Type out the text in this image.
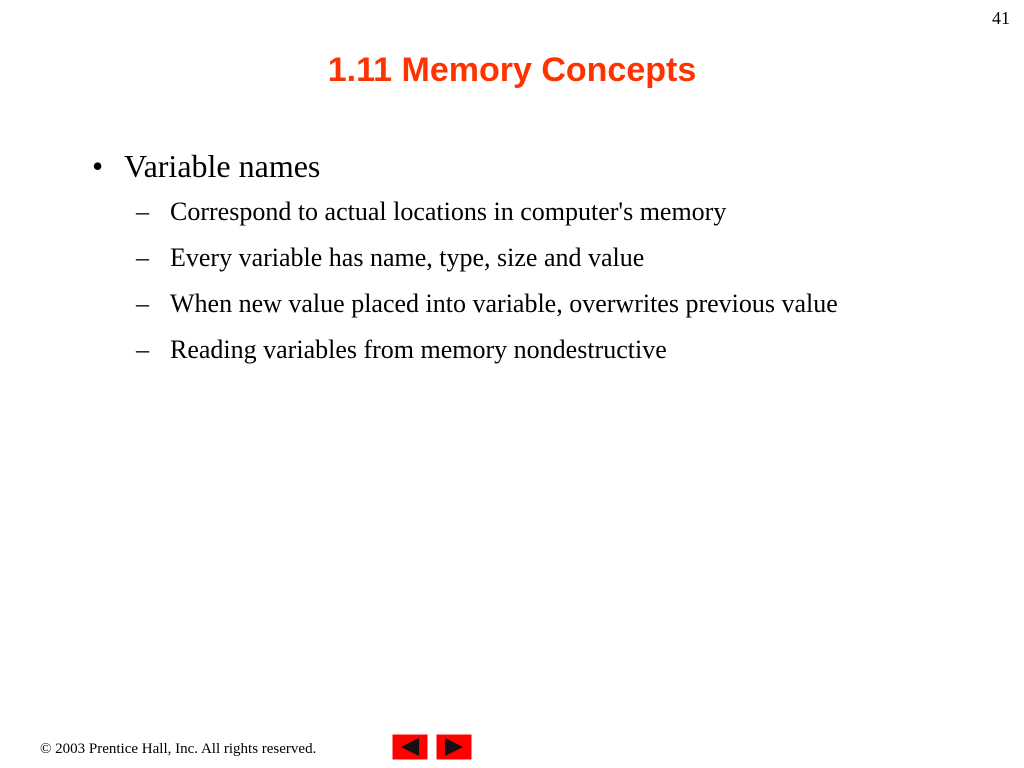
41
1.11 Memory Concepts
• Variable names
– Correspond to actual locations in computer's memory
– Every variable has name, type, size and value
– When new value placed into variable, overwrites previous value
– Reading variables from memory nondestructive
© 2003 Prentice Hall, Inc. All rights reserved.
